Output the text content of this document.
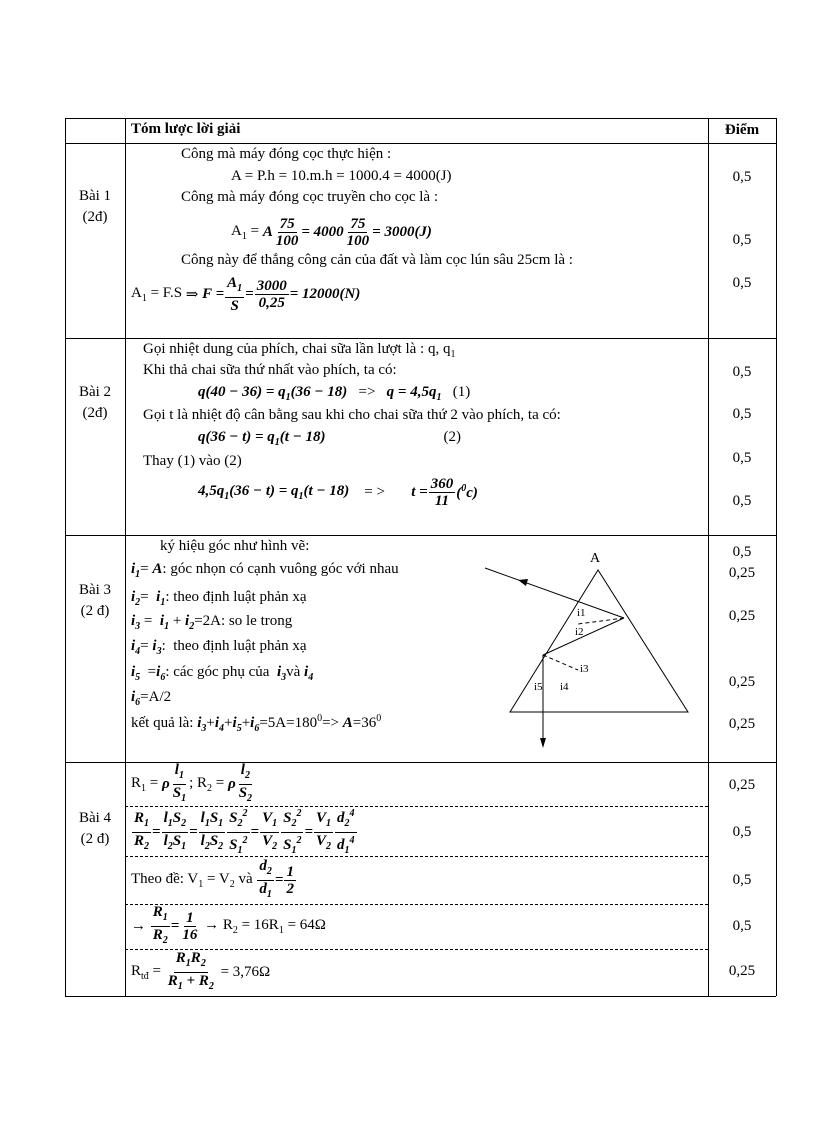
Tóm lược lời giải	Điểm
Bài 1
(2đ)
Công mà máy đóng cọc thực hiện :
A = P.h = 10.m.h = 1000.4 = 4000(J)
Công mà máy đóng cọc truyền cho cọc là :
$A_1 = A \frac{75}{100} = 4000 \frac{75}{100} = 3000(J)$
Công này để thắng công cản của đất và làm cọc lún sâu 25cm là :
$A_1 = F.S$ ⇒ $F = \frac{A_1}{S} = \frac{3000}{0,25} = 12000(N)$
0,5
0,5
0,5
Bài 2
(2đ)
Gọi nhiệt dung của phích, chai sữa lần lượt là : q, $q_1$
Khi thả chai sữa thứ nhất vào phích, ta có:
$q(40 - 36) = q_1(36 - 18) => q = 4,5q_1$   (1)
Gọi t là nhiệt độ cân bằng sau khi cho chai sữa thứ 2 vào phích, ta có:
$q(36 - t) = q_1(t - 18)$	(2)
Thay (1) vào (2)
$4,5q_1(36 - t) = q_1(t - 18)$ = > $t = \frac{360}{11} (^0c)$
0,5
0,5
0,5
0,5
Bài 3
(2 đ)
ký hiệu góc như hình vẽ:
$i_1= A$: góc nhọn có cạnh vuông góc với nhau
$i_2= i_1$: theo định luật phản xạ
$i_3 = i_1 + i_2=2A$: so le trong
$i_4= i_3$:  theo định luật phản xạ
$i_5 =i_6$: các góc phụ của  $i_3và$ $i_4$
$i_6=A/2$
kết quả là: $i_3+i_4+i_5+i_6=5A=180^0=> A=36^0$
A
i1
i2
i3
i4
i5
0,5
0,25
0,25
0,25
0,25
Bài 4
(2 đ)
$R_1 = \rho \frac{l_1}{S_1}$ ; $R_2 = \rho \frac{l_2}{S_2}$
$\frac{R_1}{R_2} = \frac{l_1S_2}{l_2S_1} = \frac{l_1S_1}{l_2S_2} \frac{S_2^2}{S_1^2} = \frac{V_1}{V_2} \frac{S_2^2}{S_1^2} = \frac{V_1}{V_2} \frac{d_2^4}{d_1^4}$
Theo đề: $V_1 = V_2$ và $\frac{d_2}{d_1} = \frac{1}{2}$
→ $\frac{R_1}{R_2} = \frac{1}{16} \to R_2 = 16R_1 = 64\Omega$
$R_{tđ} = \frac{R_1R_2}{R_1 + R_2} = 3,76\Omega$
0,25
0,5
0,5
0,5
0,25
